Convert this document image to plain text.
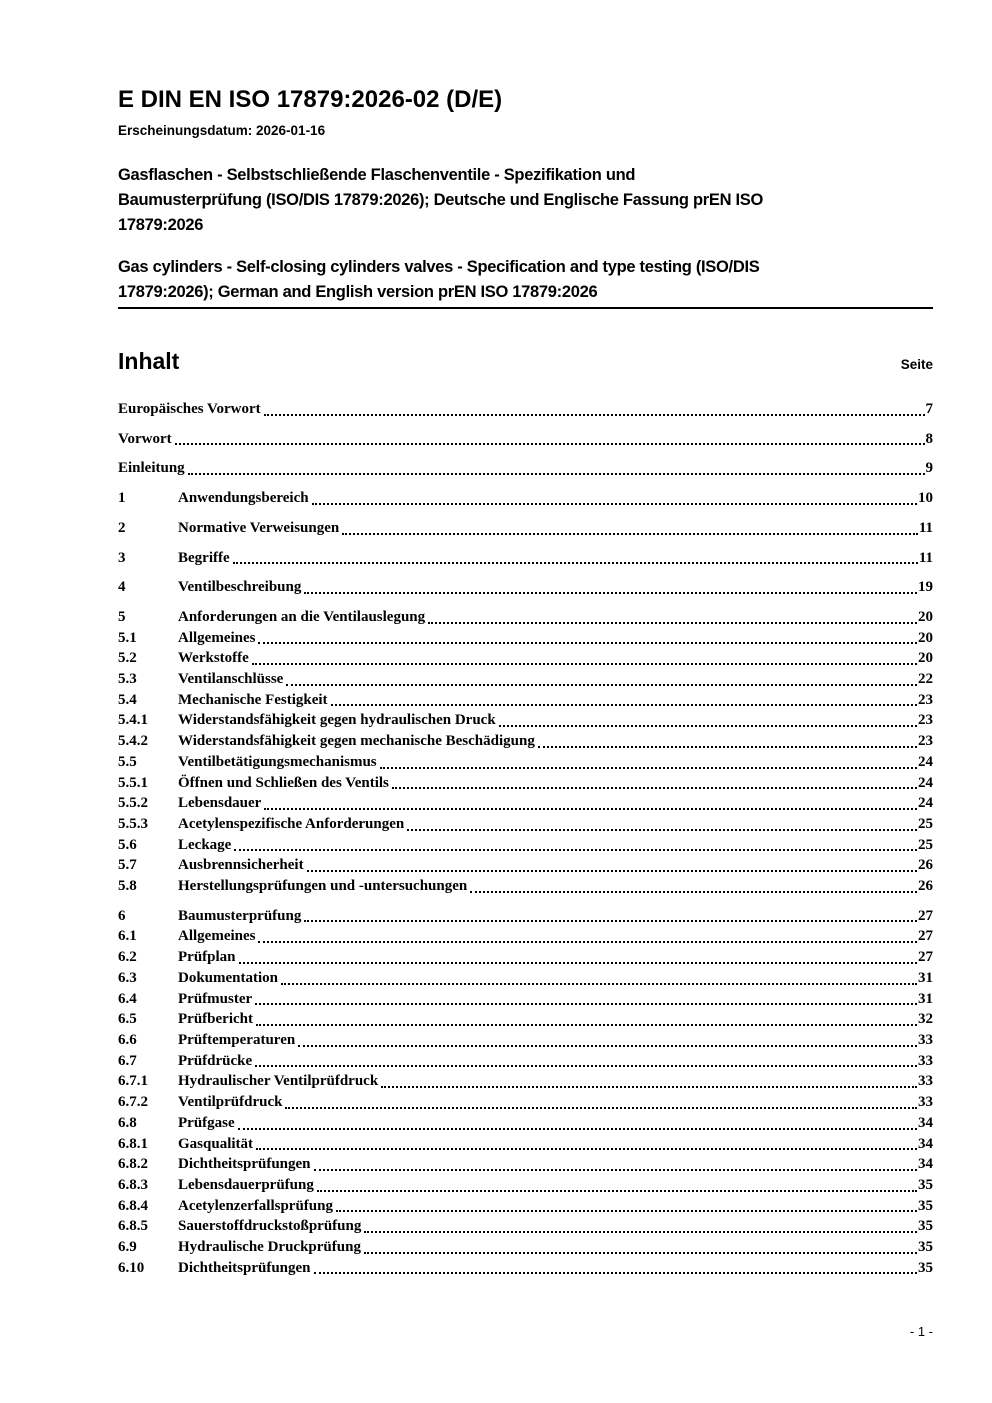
E DIN EN ISO 17879:2026-02 (D/E)
Erscheinungsdatum: 2026-01-16
Gasflaschen - Selbstschließende Flaschenventile - Spezifikation und
Baumusterprüfung (ISO/DIS 17879:2026); Deutsche und Englische Fassung prEN ISO
17879:2026
Gas cylinders - Self-closing cylinders valves - Specification and type testing (ISO/DIS
17879:2026); German and English version prEN ISO 17879:2026
Inhalt	Seite
Europäisches Vorwort	7
Vorwort	8
Einleitung	9
1	Anwendungsbereich	10
2	Normative Verweisungen	11
3	Begriffe	11
4	Ventilbeschreibung	19
5	Anforderungen an die Ventilauslegung	20
5.1	Allgemeines	20
5.2	Werkstoffe	20
5.3	Ventilanschlüsse	22
5.4	Mechanische Festigkeit	23
5.4.1	Widerstandsfähigkeit gegen hydraulischen Druck	23
5.4.2	Widerstandsfähigkeit gegen mechanische Beschädigung	23
5.5	Ventilbetätigungsmechanismus	24
5.5.1	Öffnen und Schließen des Ventils	24
5.5.2	Lebensdauer	24
5.5.3	Acetylenspezifische Anforderungen	25
5.6	Leckage	25
5.7	Ausbrennsicherheit	26
5.8	Herstellungsprüfungen und -untersuchungen	26
6	Baumusterprüfung	27
6.1	Allgemeines	27
6.2	Prüfplan	27
6.3	Dokumentation	31
6.4	Prüfmuster	31
6.5	Prüfbericht	32
6.6	Prüftemperaturen	33
6.7	Prüfdrücke	33
6.7.1	Hydraulischer Ventilprüfdruck	33
6.7.2	Ventilprüfdruck	33
6.8	Prüfgase	34
6.8.1	Gasqualität	34
6.8.2	Dichtheitsprüfungen	34
6.8.3	Lebensdauerprüfung	35
6.8.4	Acetylenzerfallsprüfung	35
6.8.5	Sauerstoffdruckstoßprüfung	35
6.9	Hydraulische Druckprüfung	35
6.10	Dichtheitsprüfungen	35
- 1 -
